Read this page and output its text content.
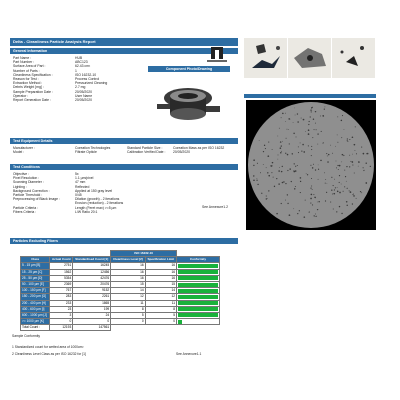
Delta - Cleanliness Particle Analysis Report
General Information
Part Name :	HUB
Part Number :	ABC123
Surface Area of Part :	62.43 cm²
Number of Parts :	1
Cleanliness Specification :	ISO 16232-10
Reason for Test :	Process Control
Extraction Method :	Pressurized Cleaning
Debris Weight [mg] :	2.7 mg
Sample Preparation Date :	20/05/2020
Operator :	User Name
Report Generation Date :	20/05/2020
Component Photo/Drawing
Test Equipment Details
Manufacturer :	Coreation Technologies	Standard Particle Size :	Coreation Mass as per ISO 16232
Model :	Filtrate Opticle	Calibration Verified Date :	20/05/2020
Test Conditions
Objective :	5x
Pixel Resolution :	1.1 µm/pixel
Scanning Diameter :	47 mm
Lighting :	Reflected
Background Correction :	Applied at 150 gray level
Particle Threshold :	0/45
Preprocessing of Black Image :	Dilation (growth) - 2 iterations
Erosion (reduction) - 2 iterations
Particle Criteria :	Length (Feret max) >=5 µm
Fibers Criteria :	L/W Ratio 20:1
See Annexure1.2
Particles Excluding Fibers
			ISO 16232-10		
Class	Actual Count	Standardised Count [1]	Cleanliness Level [2]	Specification Limit	Conformity
5 - 15 µm [B]	2751	16245	16	16	

15 - 25 µm [C]	1562	12456	16	16	

25 - 50 µm [D]	5354	42476	16	16	

50 - 100 µm [E]	2369	20476	15	15	

100 - 150 µm [F]	767	9152	14	14	

150 - 200 µm [G]	283	2261	12	12	

200 - 400 µm [H]	233	1865	11	11	

400 - 600 µm [I]	23	199	8	8	

600 - 1000 µm [J]	3	24	5	5	

>= 1000 µm [K]	0	0	0	0	

Total Count :	12193	147561			
Sample Conformity
1 Standardized count for wetted area of 1000cm²
2 Cleanliness Level Class as per ISO 16232 for [1]	See Annexure1.1
